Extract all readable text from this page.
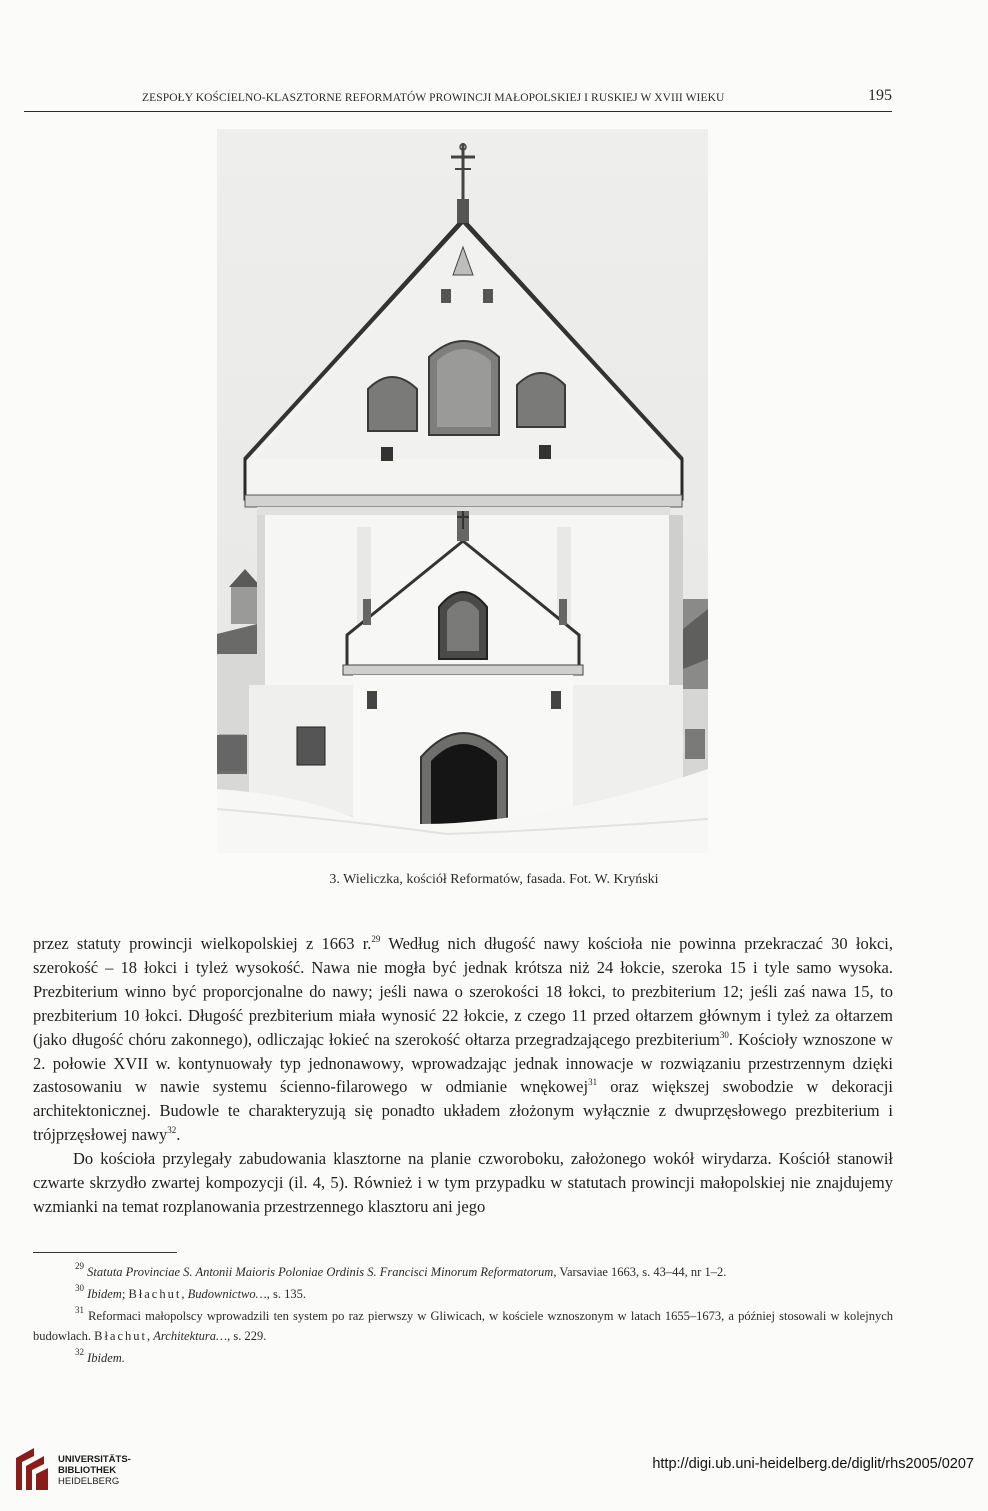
ZESPOŁY KOŚCIELNO-KLASZTORNE REFORMATÓW PROWINCJI MAŁOPOLSKIEJ I RUSKIEJ W XVIII WIEKU	195
3. Wieliczka, kościół Reformatów, fasada. Fot. W. Kryński

przez statuty prowincji wielkopolskiej z 1663 r.$^{29}$ Według nich długość nawy kościoła nie powinna przekraczać 30 łokci, szerokość – 18 łokci i tyleż wysokość. Nawa nie mogła być jednak krótsza niż 24 łokcie, szeroka 15 i tyle samo wysoka. Prezbiterium winno być proporcjonalne do nawy; jeśli nawa o szerokości 18 łokci, to prezbiterium 12; jeśli zaś nawa 15, to prezbiterium 10 łokci. Długość prezbiterium miała wynosić 22 łokcie, z czego 11 przed ołtarzem głównym i tyleż za ołtarzem (jako długość chóru zakonnego), odliczając łokieć na szerokość ołtarza przegradzającego prezbiterium$^{30}$. Kościoły wznoszone w 2. połowie XVII w. kontynuowały typ jednonawowy, wprowadzając jednak innowacje w rozwiązaniu przestrzennym dzięki zastosowaniu w nawie systemu ścienno-filarowego w odmianie wnękowej$^{31}$ oraz większej swobodzie w dekoracji architektonicznej. Budowle te charakteryzują się ponadto układem złożonym wyłącznie z dwuprzęsłowego prezbiterium i trójprzęsłowej nawy$^{32}$.

Do kościoła przylegały zabudowania klasztorne na planie czworoboku, założonego wokół wirydarza. Kościół stanowił czwarte skrzydło zwartej kompozycji (il. 4, 5). Również i w tym przypadku w statutach prowincji małopolskiej nie znajdujemy wzmianki na temat rozplanowania przestrzennego klasztoru ani jego

$^{29}$ Statuta Provinciae S. Antonii Maioris Poloniae Ordinis S. Francisci Minorum Reformatorum, Varsaviae 1663, s. 43–44, nr 1–2.

$^{30}$ Ibidem; Błachut, Budownictwo…, s. 135.

$^{31}$ Reformaci małopolscy wprowadzili ten system po raz pierwszy w Gliwicach, w kościele wznoszonym w latach 1655–1673, a później stosowali w kolejnych budowlach. Błachut, Architektura…, s. 229.

$^{32}$ Ibidem.

UNIVERSITÄTS-
BIBLIOTHEK
HEIDELBERG
http://digi.ub.uni-heidelberg.de/diglit/rhs2005/0207
